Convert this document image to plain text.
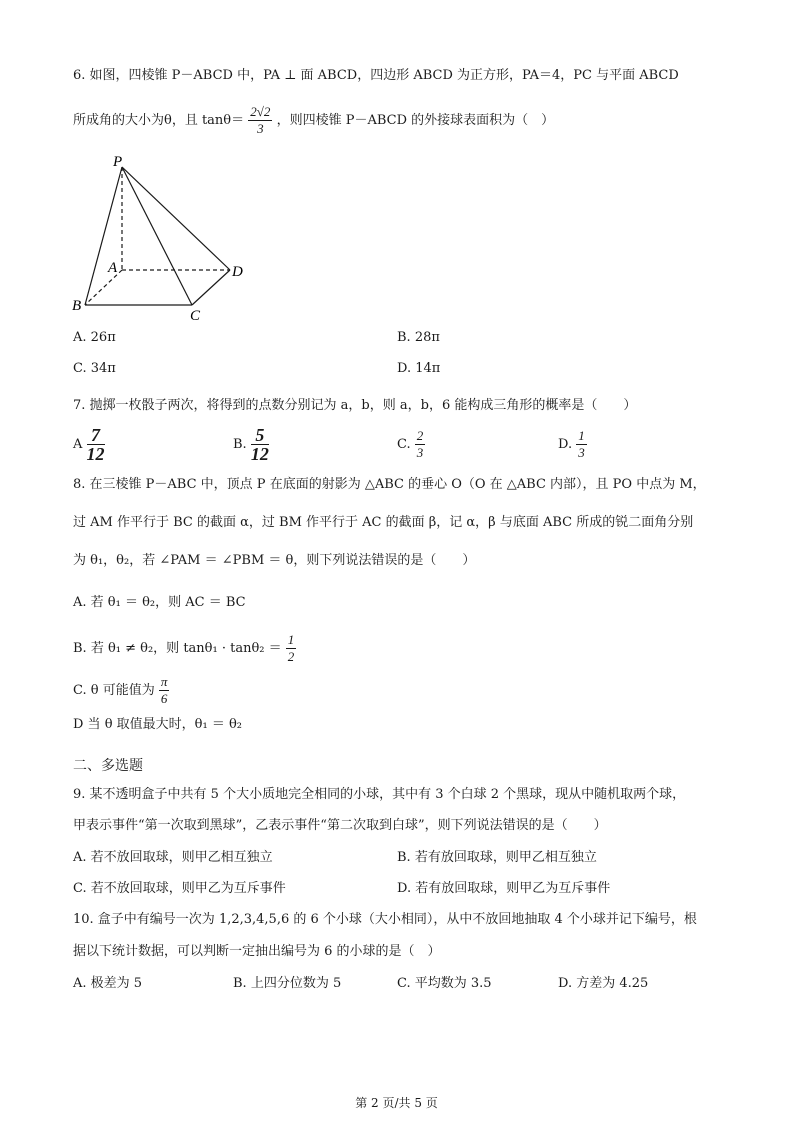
6. 如图，四棱锥 P－ABCD 中，PA ⊥ 面 ABCD，四边形 ABCD 为正方形，PA＝4，PC 与平面 ABCD
所成角的大小为θ，且 $\tan\theta= \frac{2√2}{3}$ ，则四棱锥 P－ABCD 的外接球表面积为（　）
P
A
B
C
D
A. 26π	B. 28π
C. 34π	D. 14π
7. 抛掷一枚骰子两次，将得到的点数分别记为 a，b，则 a，b，6 能构成三角形的概率是（　　）
A $\frac{7}{12}$	B. $\frac{5}{12}$	C. $\frac{2}{3}$	D. $\frac{1}{3}$
8. 在三棱锥 P－ABC 中，顶点 P 在底面的射影为 △ABC 的垂心 O（O 在 △ABC 内部），且 PO 中点为 M，
过 AM 作平行于 BC 的截面 α，过 BM 作平行于 AC 的截面 β，记 α，β 与底面 ABC 所成的锐二面角分别
为 θ₁，θ₂，若 ∠PAM ＝ ∠PBM ＝ θ，则下列说法错误的是（　　）
A. 若 θ₁ ＝ θ₂，则 AC ＝ BC
B. 若 θ₁ ≠ θ₂，则 $\tan\theta_1 \cdot \tan\theta_2 = \frac{1}{2}$
C. θ 可能值为 $\frac{\pi}{6}$
D 当 θ 取值最大时，θ₁ ＝ θ₂
二、多选题
9. 某不透明盒子中共有 5 个大小质地完全相同的小球，其中有 3 个白球 2 个黑球，现从中随机取两个球，
甲表示事件“第一次取到黑球”，乙表示事件“第二次取到白球”，则下列说法错误的是（　　）
A. 若不放回取球，则甲乙相互独立	B. 若有放回取球，则甲乙相互独立
C. 若不放回取球，则甲乙为互斥事件	D. 若有放回取球，则甲乙为互斥事件
10. 盒子中有编号一次为 1,2,3,4,5,6 的 6 个小球（大小相同），从中不放回地抽取 4 个小球并记下编号，根
据以下统计数据，可以判断一定抽出编号为 6 的小球的是（　）
A. 极差为 5	B. 上四分位数为 5	C. 平均数为 3.5	D. 方差为 4.25
第 2 页/共 5 页
